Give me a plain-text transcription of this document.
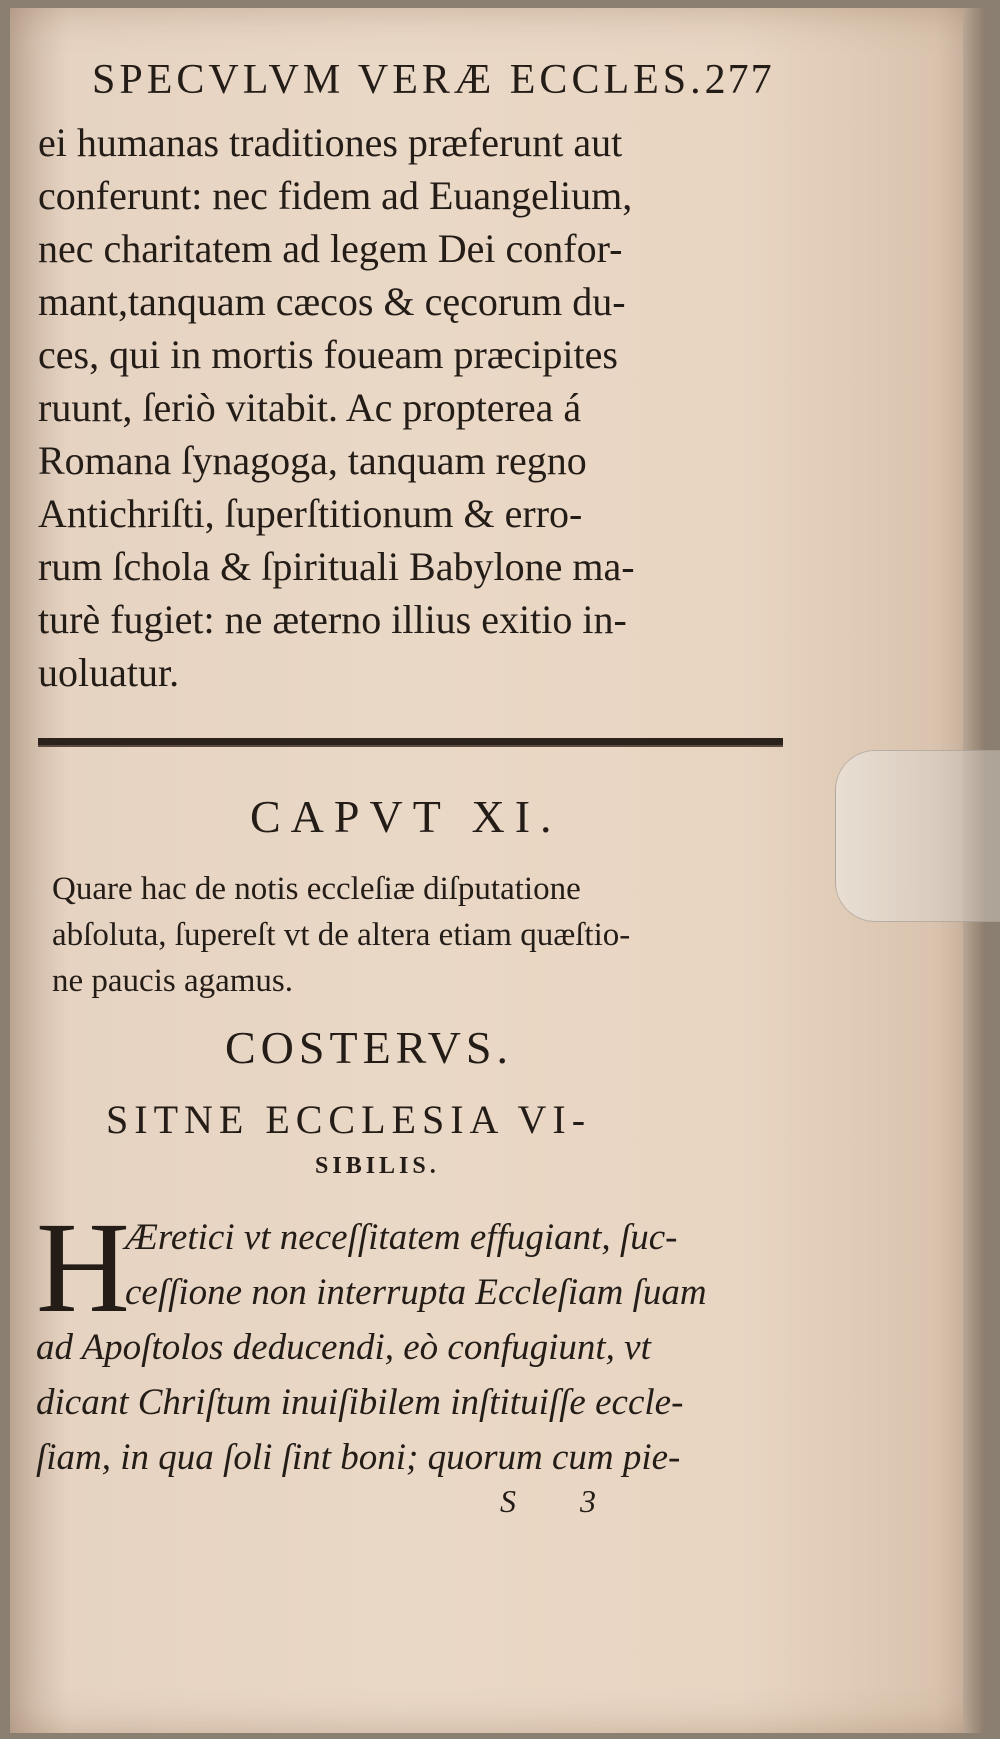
SPECVLVM VERÆ ECCLES.277
ei humanas traditiones præferunt aut
conferunt: nec fidem ad Euangelium,
nec charitatem ad legem Dei confor-
mant,tanquam cæcos & cęcorum du-
ces, qui in mortis foueam præcipites
ruunt, ſeriò vitabit. Ac propterea á
Romana ſynagoga, tanquam regno
Antichriſti, ſuperſtitionum & erro-
rum ſchola & ſpirituali Babylone ma-
turè fugiet: ne æterno illius exitio in-
uoluatur.
CAPVT XI.
Quare hac de notis eccleſiæ diſputatione
abſoluta, ſupereſt vt de altera etiam quæſtio-
ne paucis agamus.
COSTERVS.
SITNE ECCLESIA VI-
SIBILIS.
H
Æretici vt neceſſitatem effugiant, ſuc-
ceſſione non interrupta Eccleſiam ſuam
ad Apoſtolos deducendi, eò confugiunt, vt
dicant Chriſtum inuiſibilem inſtituiſſe eccle-
ſiam, in qua ſoli ſint boni; quorum cum pie-
S 3
